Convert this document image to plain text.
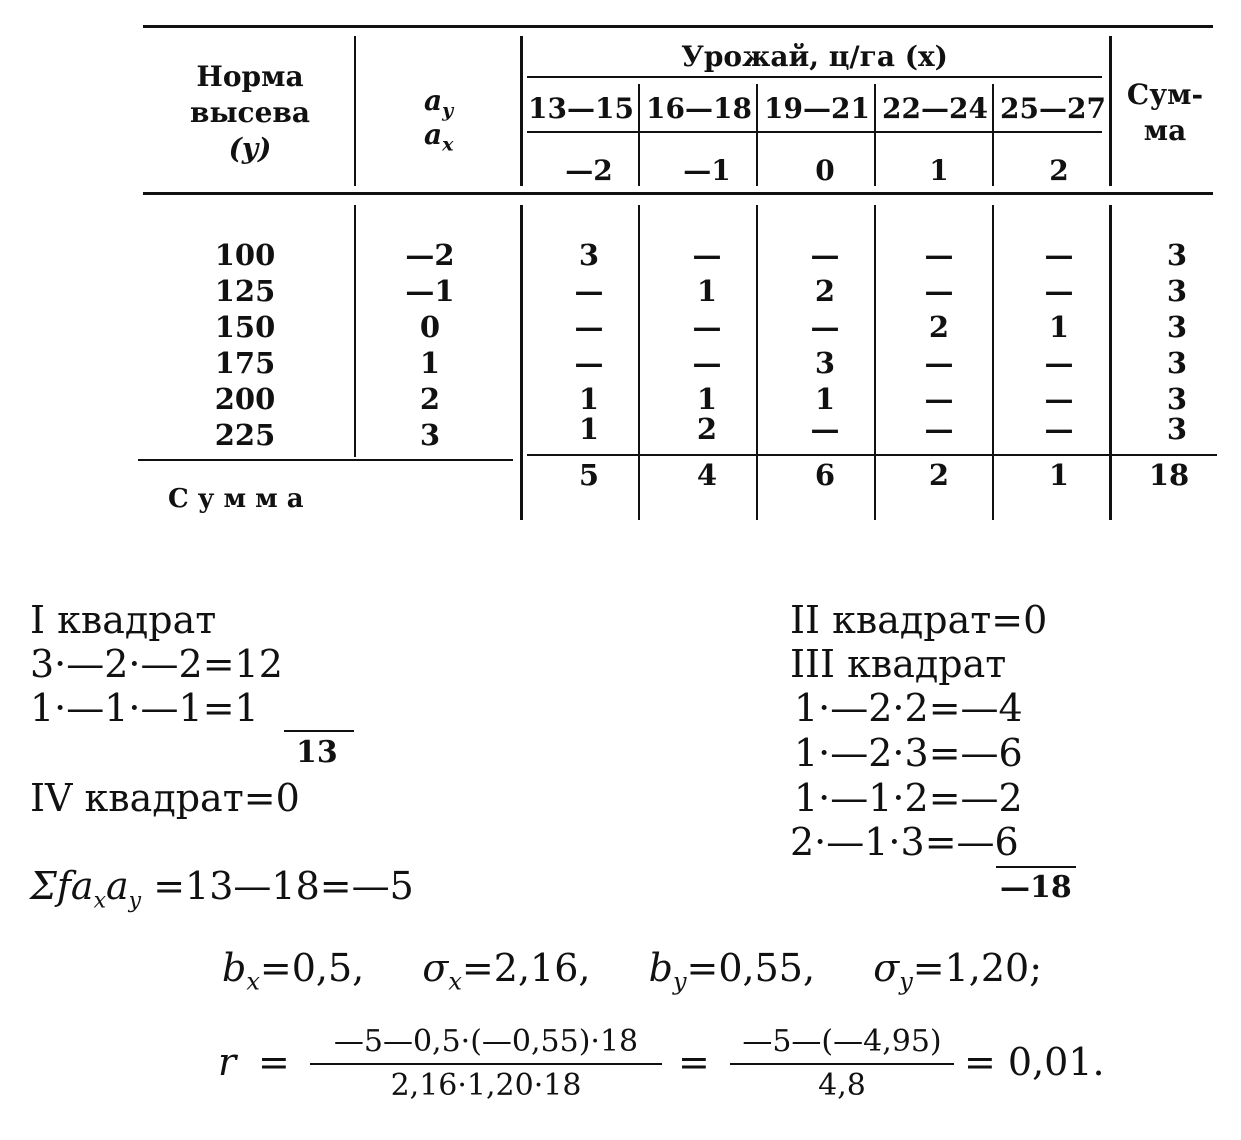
Норма
высева
(y)
$a_y$
$a_x$
Урожай, ц/га (x)
Сум-
ма
13—15 16—18 19—21 22—24 25—27
—2	—1	0	1	2
100	—2	3	—	—	—	—	3
125	—1	—	1	2	—	—	3
150	0	—	—	—	2	1	3
175	1	—	—	3	—	—	3
200	2	1	1	1	—	—	3
225	3	1	2	—	—	—	3
С у м м а
5	4	6	2	1	18
I квадрат
3·—2·—2=12
1·—1·—1=1
13
IV квадрат=0
$\Sigma fa_xa_y$ =13—18=—5
II квадрат=0
III квадрат
1·—2·2=—4
1·—2·3=—6
1·—1·2=—2
2·—1·3=—6
—18
$b_x=0,5$, $\sigma_x=2,16$, $b_y=0,55$, $\sigma_y=1,20$;
r =	—5—0,5·(—0,55)·18
2,16·1,20·18
=	—5—(—4,95)
4,8
= 0,01.
